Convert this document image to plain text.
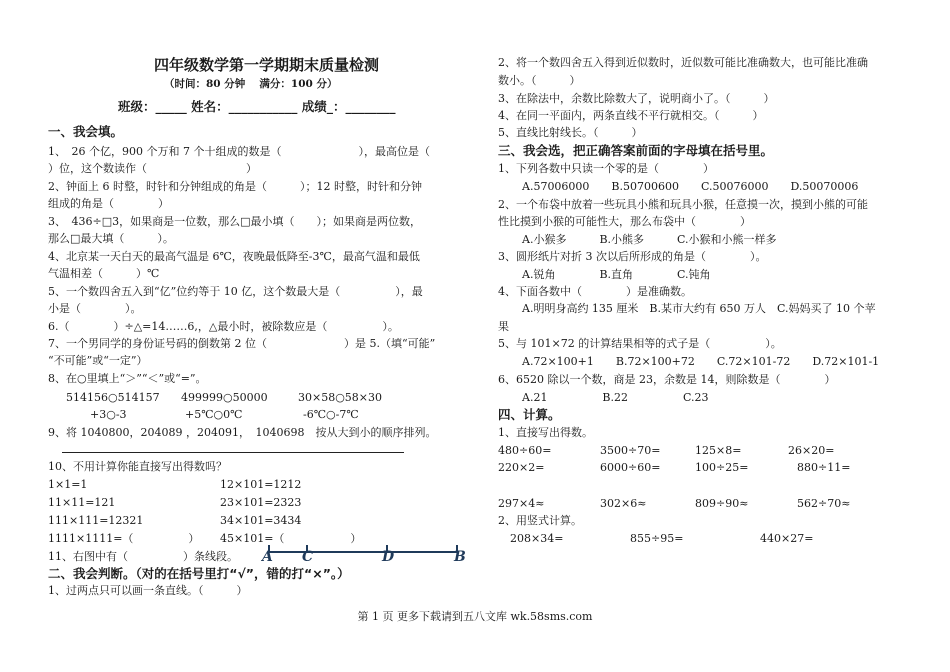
四年级数学第一学期期末质量检测
（时间：80 分钟　 满分：100 分）
班级：_____ 姓名：___________ 成绩_：________
一、我会填。
1、　26 个亿，900 个万和 7 个十组成的数是（　　　　　　　），最高位是（
）位，这个数读作（　　　　　　　　　）
2、钟面上 6 时整，时针和分钟组成的角是（　　　）；12 时整，时针和分钟
组成的角是（　　　　）
3、　436÷□3，如果商是一位数，那么□最小填（　　）；如果商是两位数，
那么□最大填（　　　）。
4、北京某一天白天的最高气温是 6℃，夜晚最低降至-3℃，最高气温和最低
气温相差（　　　）℃
5、一个数四舍五入到“亿”位约等于 10 亿，这个数最大是（　　　　　），最
小是（　　　　）。
6.（　　　　）÷△=14……6,，△最小时，被除数应是（　　　　　）。
7、一个男同学的身份证号码的倒数第 2 位（　　　　　　　）是 5.（填“可能”
“不可能”或“一定”）
8、在○里填上“＞”“＜”或“=”。
514156○514157 499999○50000	30×58○58×30
+3○-3	+5℃○0℃	-6℃○-7℃
9、将 1040800，204089 ，204091，　1040698　按从大到小的顺序排列。
10、不用计算你能直接写出得数吗？
1×1=1	12×101=1212
11×11=121	23×101=2323
111×111=12321	34×101=3434
1111×1111=（　　　　　） 45×101=（　　　　　　）
11、右图中有（　　　　　）条线段。 A C	D	B
二、我会判断。（对的在括号里打“√”，错的打“×”。）
1、过两点只可以画一条直线。（　　　）
2、将一个数四舍五入得到近似数时，近似数可能比准确数大，也可能比准确
数小。（　　　）
3、在除法中，余数比除数大了，说明商小了。（　　　）
4、在同一平面内，两条直线不平行就相交。（　　　）
5、直线比射线长。（　　　）
三、我会选，把正确答案前面的字母填在括号里。
1、下列各数中只读一个零的是（　　　　）
A.57006000　　B.50700600　　C.50076000　　D.50070006
2、一个布袋中放着一些玩具小熊和玩具小猴，任意摸一次，摸到小熊的可能
性比摸到小猴的可能性大，那么布袋中（　　　　）
A.小猴多　　　B.小熊多　　　C.小猴和小熊一样多
3、圆形纸片对折 3 次以后所形成的角是（　　　　）。
A.锐角　　　　B.直角　　　　C.钝角
4、下面各数中（　　　　）是准确数。
A.明明身高约 135 厘米　B.某市大约有 650 万人　C.妈妈买了 10 个苹
果
5、与 101×72 的计算结果相等的式子是（　　　　　）。
A.72×100+1　　B.72×100+72　　C.72×101-72　　D.72×101-1
6、6520 除以一个数，商是 23，余数是 14，则除数是（　　　　）
A.21　　　　　B.22　　　　　C.23
四、计算。
1、直接写出得数。
480÷60=	3500÷70=	125×8=	26×20=
220×2=	6000÷60=	100÷25=	880÷11=
297×4≈	302×6≈	809÷90≈	562÷70≈
2、用竖式计算。
208×34=	855÷95=	440×27=
第 1 页 更多下载请到五八文库 wk.58sms.com
